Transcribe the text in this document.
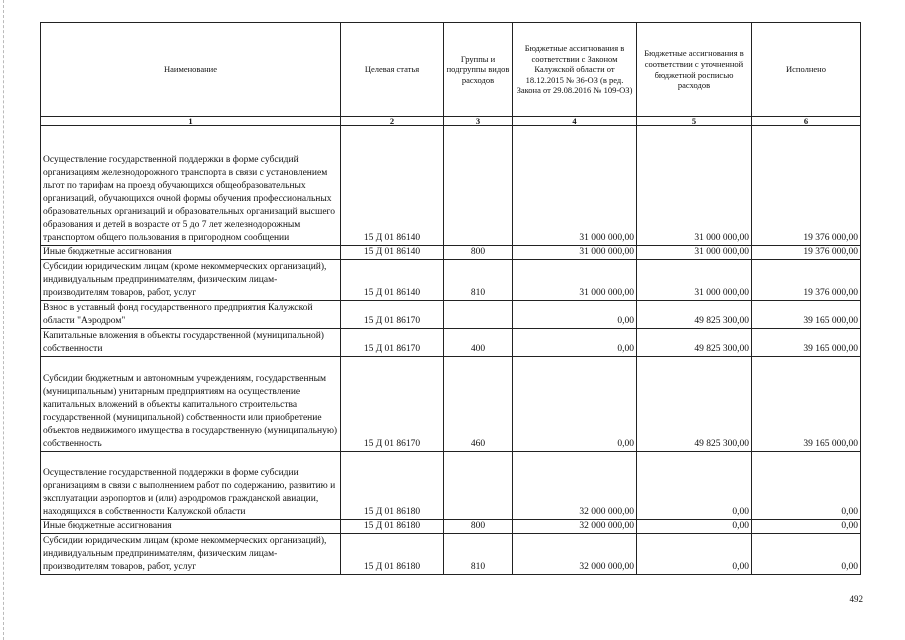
Наименование	Целевая статья	Группы и подгруппы видов расходов	Бюджетные ассигнования в соответствии с Законом Калужской области от 18.12.2015 № 36-ОЗ (в ред. Закона от 29.08.2016 № 109-ОЗ)	Бюджетные ассигнования в соответствии с уточненной бюджетной росписью расходов	Исполнено
1	2	3	4	5	6
Осуществление государственной поддержки в форме субсидий организациям железнодорожного транспорта в связи с установлением льгот по тарифам на проезд обучающихся общеобразовательных организаций, обучающихся очной формы обучения профессиональных образовательных организаций и образовательных организаций высшего образования и детей в возрасте от 5 до 7 лет железнодорожным транспортом общего пользования в пригородном сообщении	15 Д 01 86140		31 000 000,00	31 000 000,00	19 376 000,00
Иные бюджетные ассигнования	15 Д 01 86140	800	31 000 000,00	31 000 000,00	19 376 000,00
Субсидии юридическим лицам (кроме некоммерческих организаций), индивидуальным предпринимателям, физическим лицам-производителям товаров, работ, услуг	15 Д 01 86140	810	31 000 000,00	31 000 000,00	19 376 000,00
Взнос в уставный фонд государственного предприятия Калужской области "Аэродром"	15 Д 01 86170		0,00	49 825 300,00	39 165 000,00
Капитальные вложения в объекты государственной (муниципальной) собственности	15 Д 01 86170	400	0,00	49 825 300,00	39 165 000,00
Субсидии бюджетным и автономным учреждениям, государственным (муниципальным) унитарным предприятиям на осуществление капитальных вложений в объекты капитального строительства государственной (муниципальной) собственности или приобретение объектов недвижимого имущества в государственную (муниципальную) собственность	15 Д 01 86170	460	0,00	49 825 300,00	39 165 000,00
Осуществление государственной поддержки в форме субсидии организациям в связи с выполнением работ по содержанию, развитию и эксплуатации аэропортов и (или) аэродромов гражданской авиации, находящихся в собственности Калужской области	15 Д 01 86180		32 000 000,00	0,00	0,00
Иные бюджетные ассигнования	15 Д 01 86180	800	32 000 000,00	0,00	0,00
Субсидии юридическим лицам (кроме некоммерческих организаций), индивидуальным предпринимателям, физическим лицам-производителям товаров, работ, услуг	15 Д 01 86180	810	32 000 000,00	0,00	0,00
492
